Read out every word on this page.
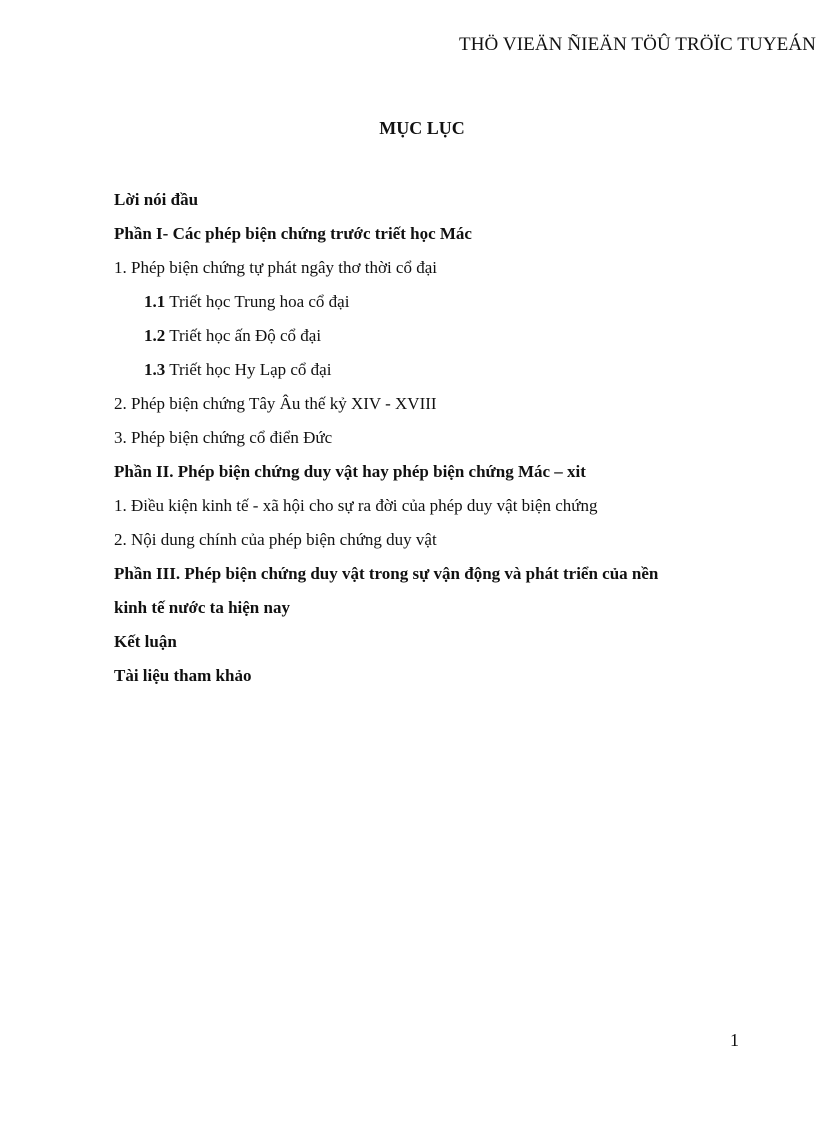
THÖ VIEÄN ÑIEÄN TÖÛ TRÖÏC TUYEÁN
MỤC LỤC
Lời nói đầu
Phần I- Các phép biện chứng trước triết học Mác
1. Phép biện chứng tự phát ngây thơ thời cổ đại
1.1 Triết học Trung hoa cổ đại
1.2 Triết học ấn Độ cổ đại
1.3 Triết học Hy Lạp cổ đại
2. Phép biện chứng Tây Âu thế kỷ XIV - XVIII
3. Phép biện chứng cổ điển Đức
Phần II. Phép biện chứng duy vật hay phép biện chứng Mác – xit
1. Điều kiện kinh tế - xã hội cho sự ra đời của phép duy vật biện chứng
2. Nội dung chính của phép biện chứng duy vật
Phần III. Phép biện chứng duy vật trong sự vận động và phát triển của nền
kinh tế nước ta hiện nay
Kết luận
Tài liệu tham khảo
1
